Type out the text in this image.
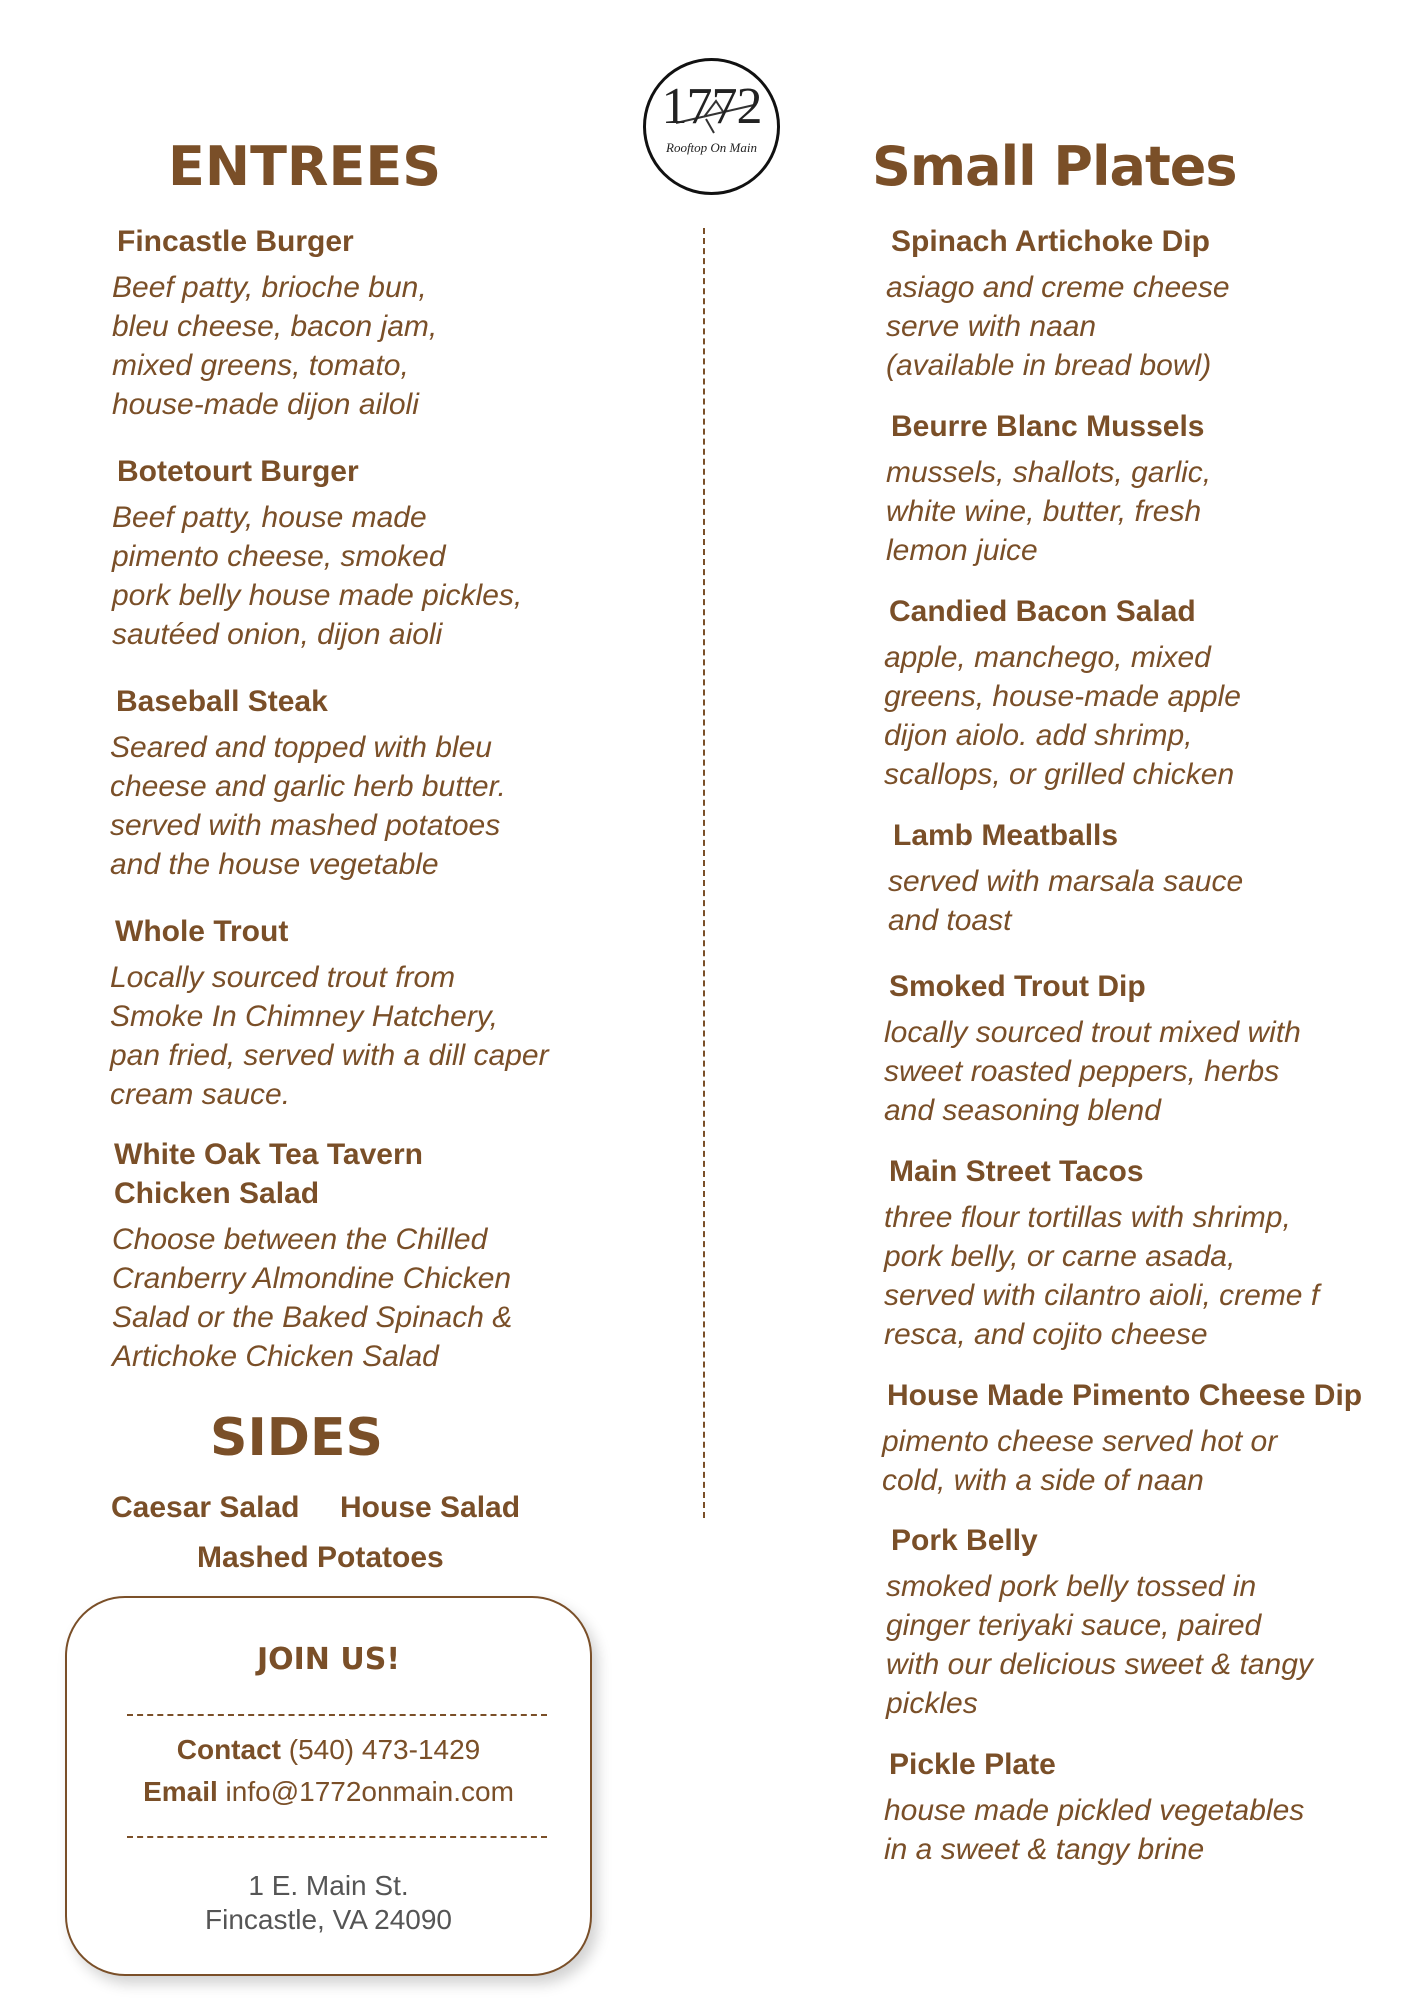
1772
Rooftop On Main
ENTREES	Small Plates
Fincastle Burger
Beef patty, brioche bun,
bleu cheese, bacon jam,
mixed greens, tomato,
house-made dijon ailoli
Botetourt Burger
Beef patty, house made
pimento cheese, smoked
pork belly house made pickles,
sautéed onion, dijon aioli
Baseball Steak
Seared and topped with bleu
cheese and garlic herb butter.
served with mashed potatoes
and the house vegetable
Whole Trout
Locally sourced trout from
Smoke In Chimney Hatchery,
pan fried, served with a dill caper
cream sauce.
White Oak Tea Tavern
Chicken Salad
Choose between the Chilled
Cranberry Almondine Chicken
Salad or the Baked Spinach &
Artichoke Chicken Salad
SIDES
Caesar Salad House Salad
Mashed Potatoes
JOIN US!
Contact (540) 473-1429
Email info@1772onmain.com
1 E. Main St.
Fincastle, VA 24090
Spinach Artichoke Dip
asiago and creme cheese
serve with naan
(available in bread bowl)
Beurre Blanc Mussels
mussels, shallots, garlic,
white wine, butter, fresh
lemon juice
Candied Bacon Salad
apple, manchego, mixed
greens, house-made apple
dijon aiolo. add shrimp,
scallops, or grilled chicken
Lamb Meatballs
served with marsala sauce
and toast
Smoked Trout Dip
locally sourced trout mixed with
sweet roasted peppers, herbs
and seasoning blend
Main Street Tacos
three flour tortillas with shrimp,
pork belly, or carne asada,
served with cilantro aioli, creme f
resca, and cojito cheese
House Made Pimento Cheese Dip
pimento cheese served hot or
cold, with a side of naan
Pork Belly
smoked pork belly tossed in
ginger teriyaki sauce, paired
with our delicious sweet & tangy
pickles
Pickle Plate
house made pickled vegetables
in a sweet & tangy brine
